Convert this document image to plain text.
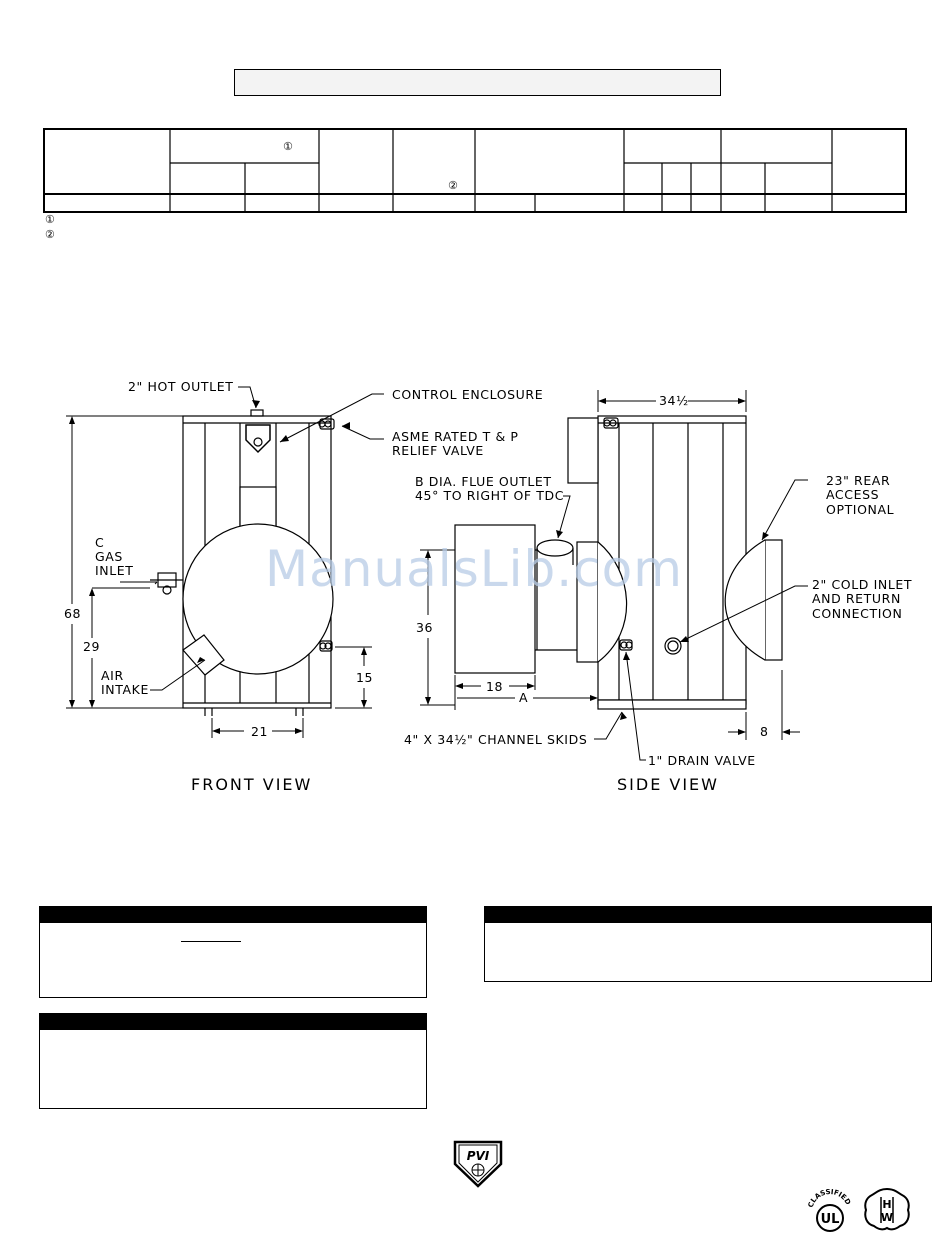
①
②
①
②
2" HOT OUTLET
C
GAS
INLET
AIR
INTAKE
68
29
15
21
FRONT VIEW
CONTROL ENCLOSURE
ASME RATED T & P
RELIEF VALVE
B DIA. FLUE OUTLET
45° TO RIGHT OF TDC
23" REAR
ACCESS
OPTIONAL
2" COLD INLET
AND RETURN
CONNECTION
4" X 34½" CHANNEL SKIDS
1" DRAIN VALVE
34½
36
18
A
8
SIDE VIEW
ManualsLib.com
PVI
CLASSIFIED
UL
H
W
